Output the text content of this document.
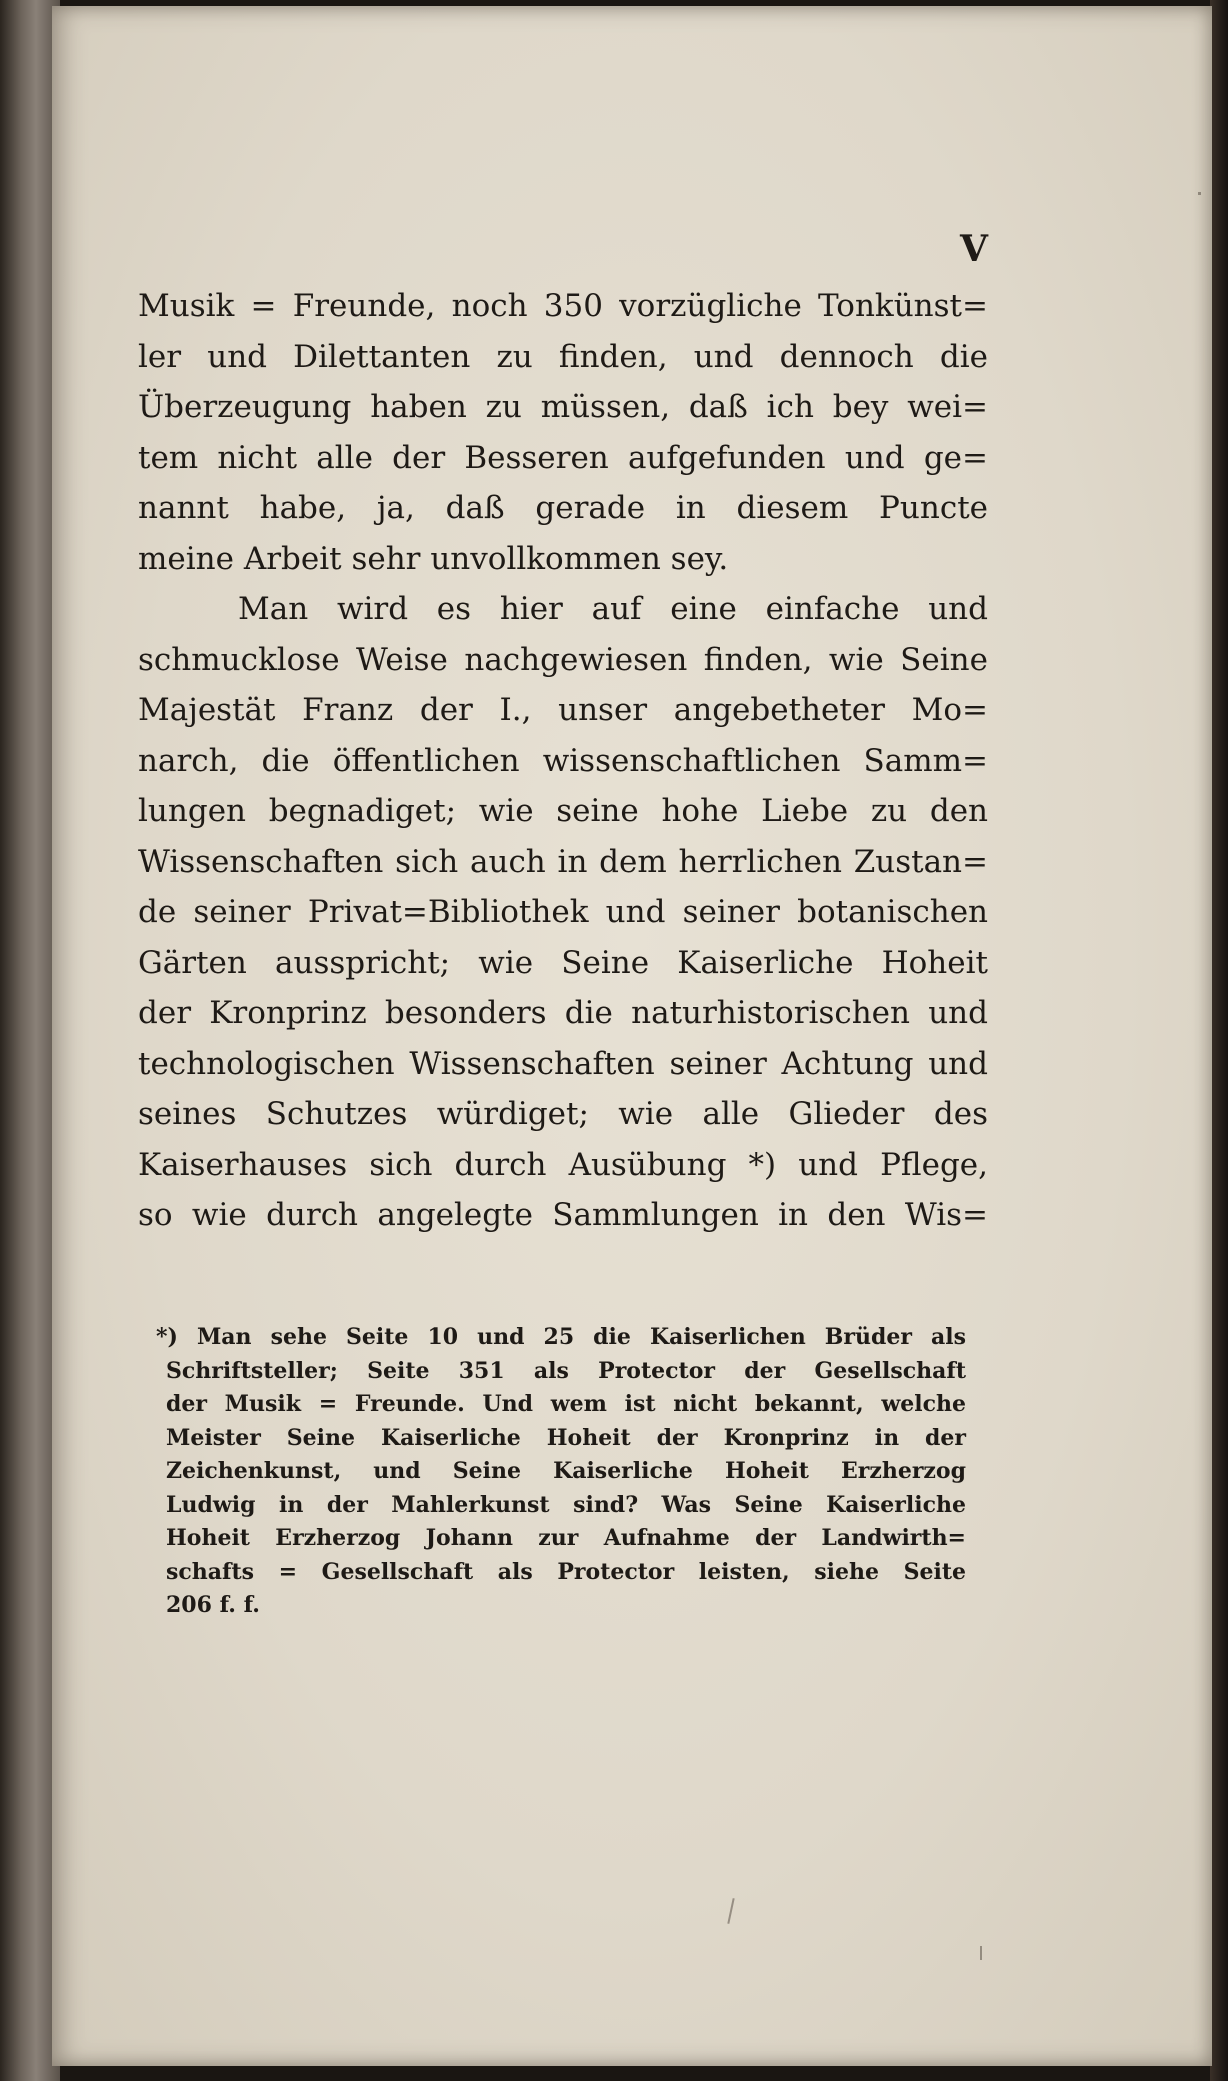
V
Musik = Freunde, noch 350 vorzügliche Tonkünst=
ler und Dilettanten zu finden, und dennoch die
Überzeugung haben zu müssen, daß ich bey wei=
tem nicht alle der Besseren aufgefunden und ge=
nannt habe, ja, daß gerade in diesem Puncte
meine Arbeit sehr unvollkommen sey.
Man wird es hier auf eine einfache und
schmucklose Weise nachgewiesen finden, wie Seine
Majestät Franz der I., unser angebetheter Mo=
narch, die öffentlichen wissenschaftlichen Samm=
lungen begnadiget; wie seine hohe Liebe zu den
Wissenschaften sich auch in dem herrlichen Zustan=
de seiner Privat=Bibliothek und seiner botanischen
Gärten ausspricht; wie Seine Kaiserliche Hoheit
der Kronprinz besonders die naturhistorischen und
technologischen Wissenschaften seiner Achtung und
seines Schutzes würdiget; wie alle Glieder des
Kaiserhauses sich durch Ausübung *) und Pflege,
so wie durch angelegte Sammlungen in den Wis=
*) Man sehe Seite 10 und 25 die Kaiserlichen Brüder als
Schriftsteller; Seite 351 als Protector der Gesellschaft
der Musik = Freunde. Und wem ist nicht bekannt, welche
Meister Seine Kaiserliche Hoheit der Kronprinz in der
Zeichenkunst, und Seine Kaiserliche Hoheit Erzherzog
Ludwig in der Mahlerkunst sind? Was Seine Kaiserliche
Hoheit Erzherzog Johann zur Aufnahme der Landwirth=
schafts = Gesellschaft als Protector leisten, siehe Seite
206 f. f.
